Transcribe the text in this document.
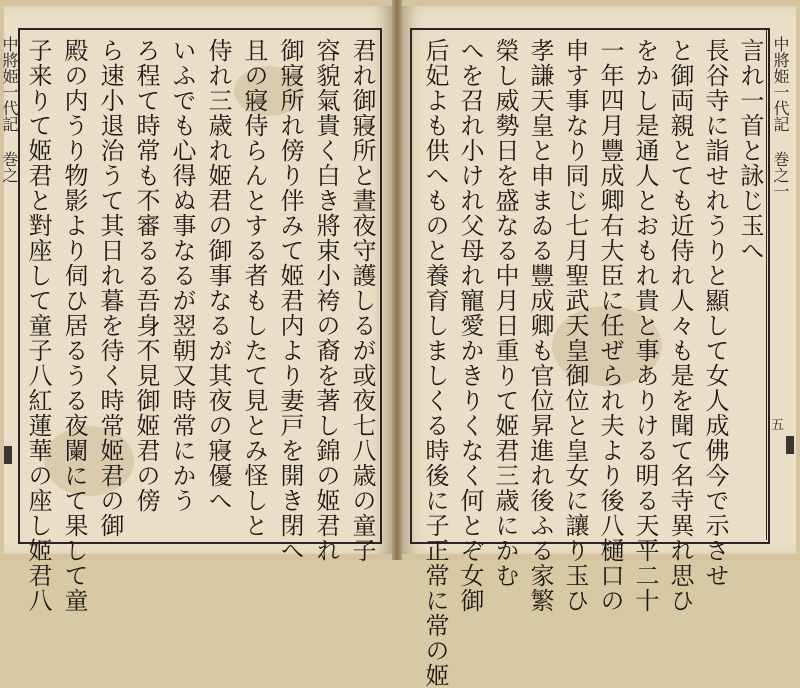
中將姫一代記 巻之	君れ御寢所と晝夜守護しるが或夜七八歳の童子
容貌氣貴く白き將束小袴の裔を著し錦の姬君れ
御寢所れ傍り伴みて姬君内より妻戸を開き閉へ
且の寢侍らんとする者もしたて見とみ怪しと
侍れ三歳れ姬君の御事なるが其夜の寢優へ
いふでも心得ぬ事なるが翌朝又時常にかう
ろ程て時常も不審るる吾身不見御姬君の傍
ら速小退治うて其日れ暮を待く時常姬君の御
殿の内うり物影より伺ひ居るうる夜闌にて果して童
子来りて姬君と對座して童子八紅蓮華の座し姬君八	言れ一首と詠じ玉へ
長谷寺に詣せれうりと顯して女人成佛今で示させ
と御両親とても近侍れ人々も是を聞て名寺異れ思ひ
をかし是通人とおもれ貴と事ありける明る天平二十
一年四月豐成卿右大臣に任ぜられ夫より後八樋口の
申す事なり同じ七月聖武天皇御位と皇女に讓り玉ひ
孝謙天皇と申まゐる豐成卿も官位昇進れ後ふる家繁
榮し威勢日を盛なる中月日重りて姬君三歳にかむ
へを召れ小けれ父母れ寵愛かきりくなく何とぞ女御
后妃よも供へものと養育しましくる時後に子正常に常の姬	中將姫一代記 巻之一
五
